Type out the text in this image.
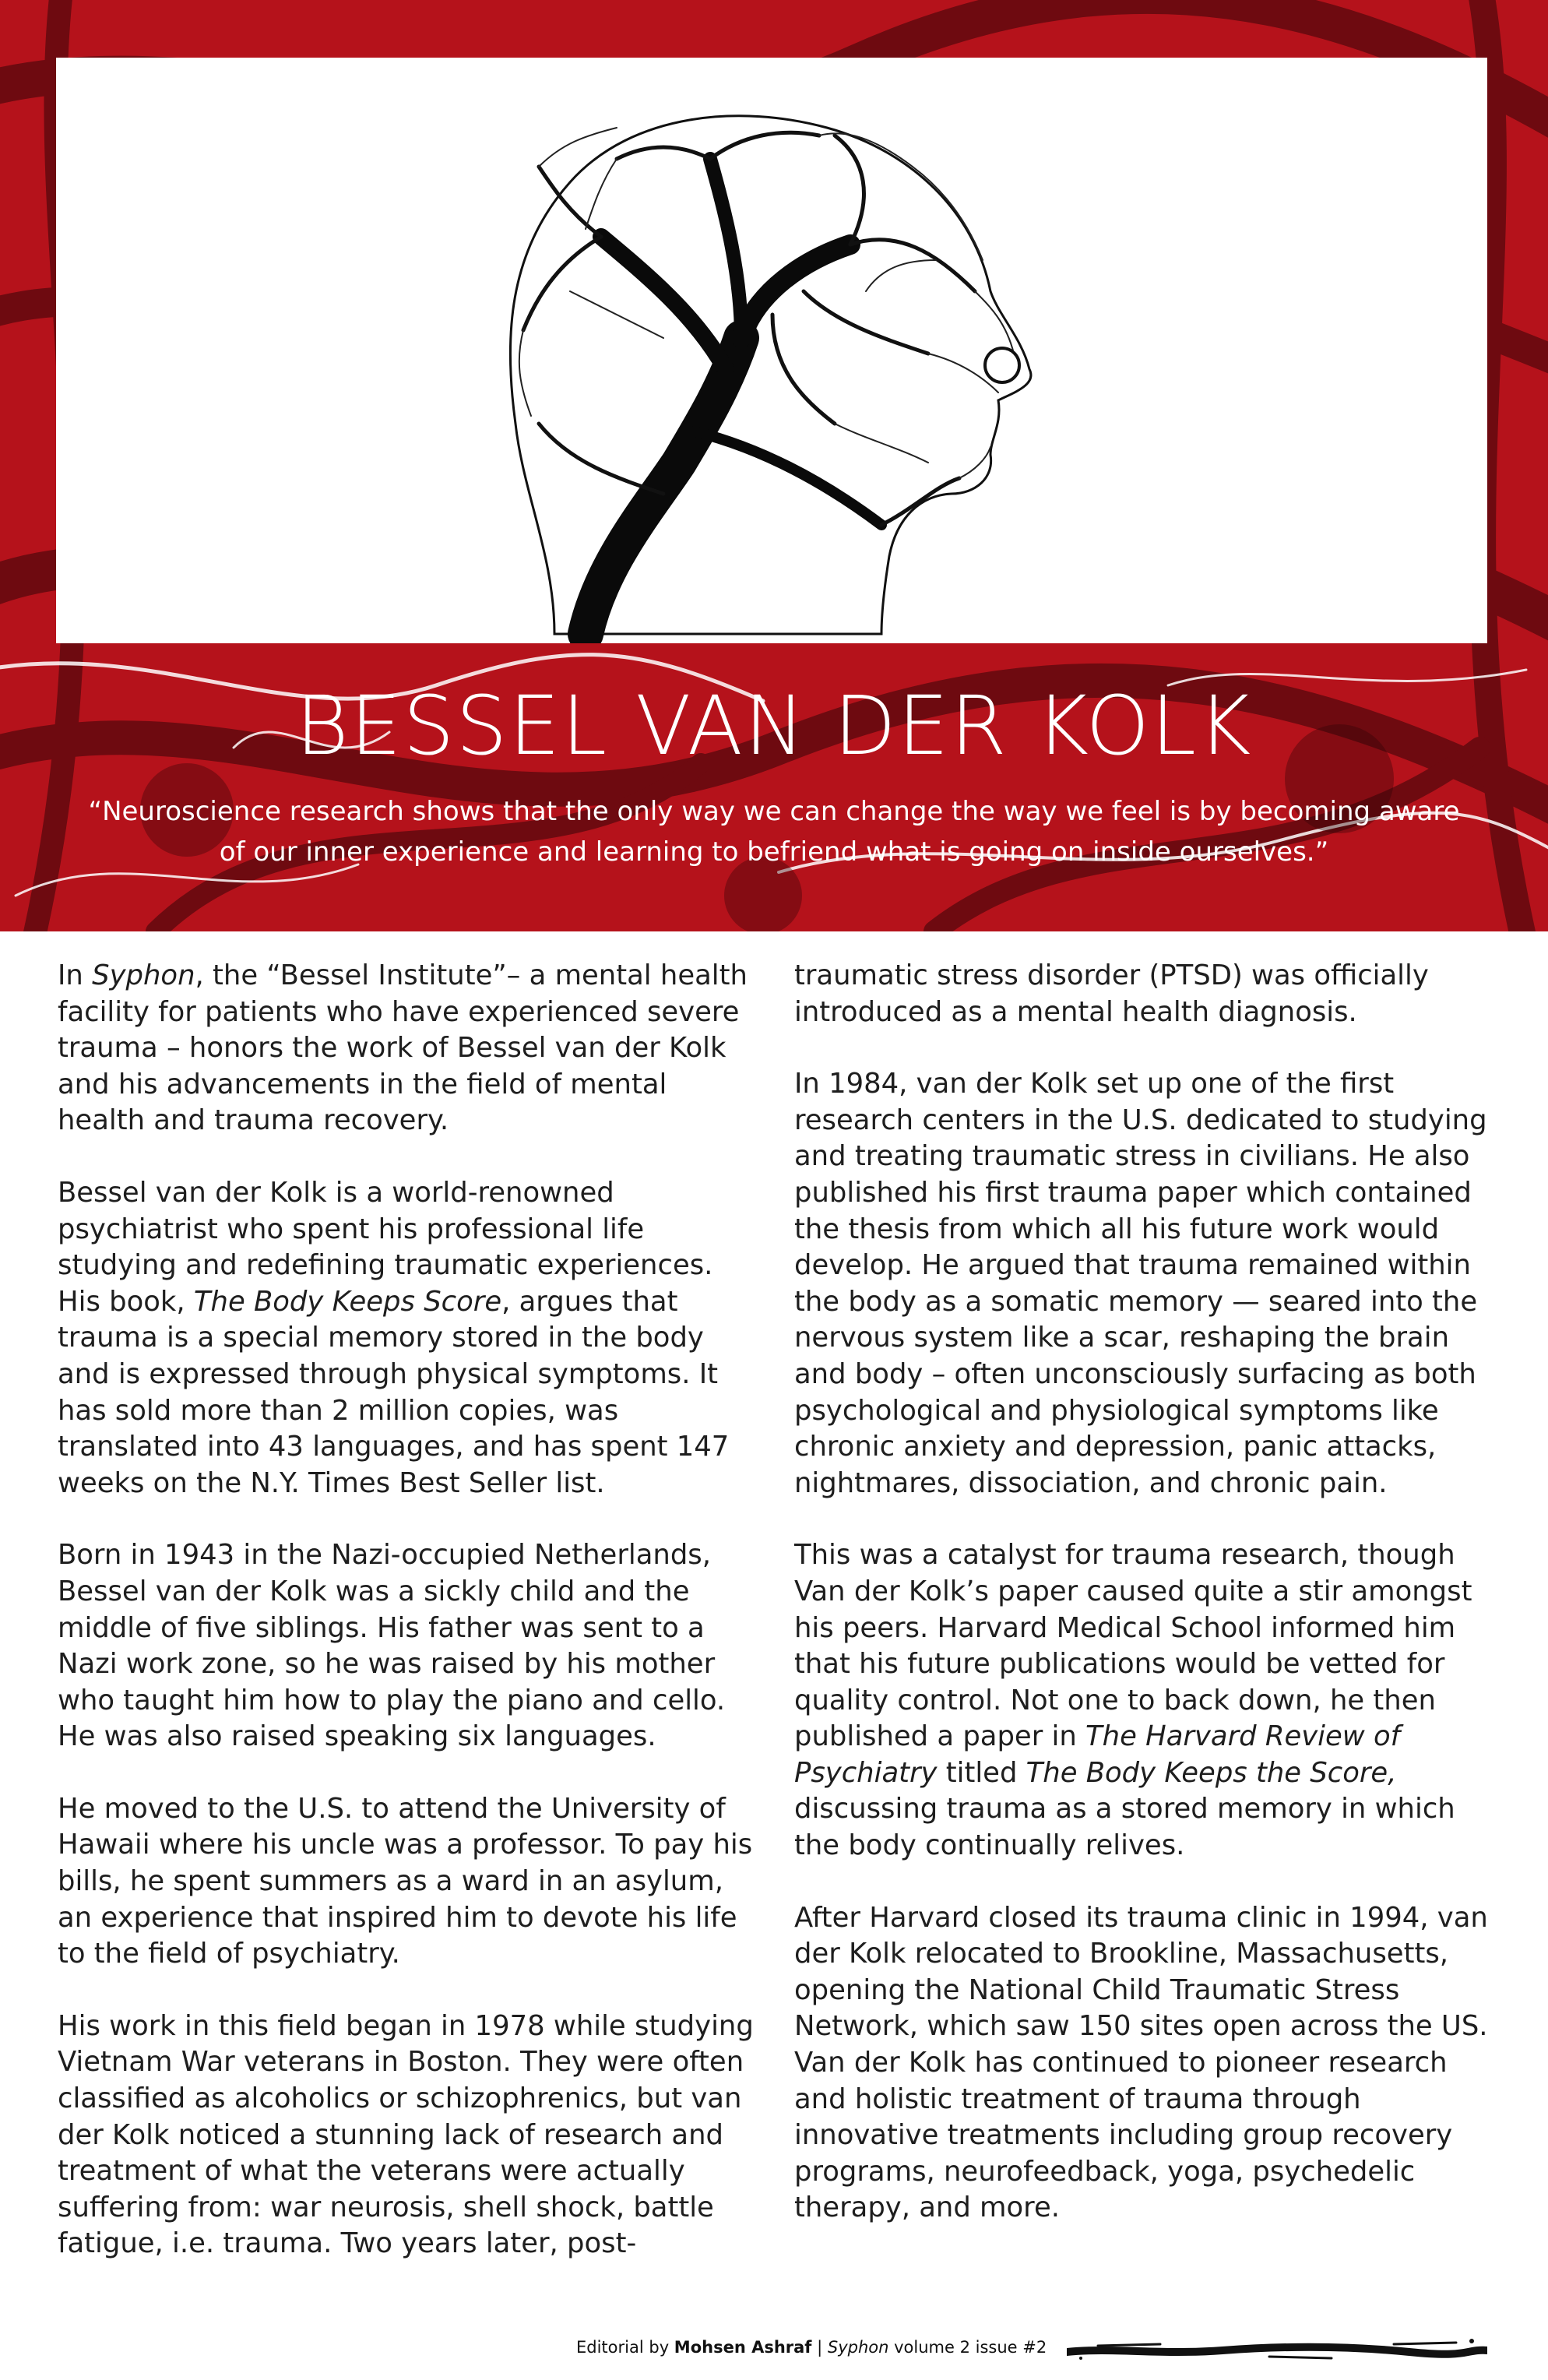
BESSEL VAN DER KOLK
“Neuroscience research shows that the only way we can change the way we feel is by becoming aware of our inner experience and learning to befriend what is going on inside ourselves.”

In Syphon, the “Bessel Institute”– a mental health facility for patients who have experienced severe trauma – honors the work of Bessel van der Kolk and his advancements in the field of mental health and trauma recovery.

Bessel van der Kolk is a world-renowned psychiatrist who spent his professional life studying and redefining traumatic experiences. His book, The Body Keeps Score, argues that trauma is a special memory stored in the body and is expressed through physical symptoms. It has sold more than 2 million copies, was translated into 43 languages, and has spent 147 weeks on the N.Y. Times Best Seller list.

Born in 1943 in the Nazi-occupied Netherlands, Bessel van der Kolk was a sickly child and the middle of five siblings. His father was sent to a Nazi work zone, so he was raised by his mother who taught him how to play the piano and cello. He was also raised speaking six languages.

He moved to the U.S. to attend the University of Hawaii where his uncle was a professor. To pay his bills, he spent summers as a ward in an asylum, an experience that inspired him to devote his life to the field of psychiatry.

His work in this field began in 1978 while studying Vietnam War veterans in Boston. They were often classified as alcoholics or schizophrenics, but van der Kolk noticed a stunning lack of research and treatment of what the veterans were actually suffering from: war neurosis, shell shock, battle fatigue, i.e. trauma. Two years later, post-

traumatic stress disorder (PTSD) was officially introduced as a mental health diagnosis.

In 1984, van der Kolk set up one of the first research centers in the U.S. dedicated to studying and treating traumatic stress in civilians. He also published his first trauma paper which contained the thesis from which all his future work would develop. He argued that trauma remained within the body as a somatic memory — seared into the nervous system like a scar, reshaping the brain and body – often unconsciously surfacing as both psychological and physiological symptoms like chronic anxiety and depression, panic attacks, nightmares, dissociation, and chronic pain.

This was a catalyst for trauma research, though Van der Kolk’s paper caused quite a stir amongst his peers. Harvard Medical School informed him that his future publications would be vetted for quality control. Not one to back down, he then published a paper in The Harvard Review of Psychiatry titled The Body Keeps the Score, discussing trauma as a stored memory in which the body continually relives.

After Harvard closed its trauma clinic in 1994, van der Kolk relocated to Brookline, Massachusetts, opening the National Child Traumatic Stress Network, which saw 150 sites open across the US. Van der Kolk has continued to pioneer research and holistic treatment of trauma through innovative treatments including group recovery programs, neurofeedback, yoga, psychedelic therapy, and more.

Editorial by Mohsen Ashraf | Syphon volume 2 issue #2
